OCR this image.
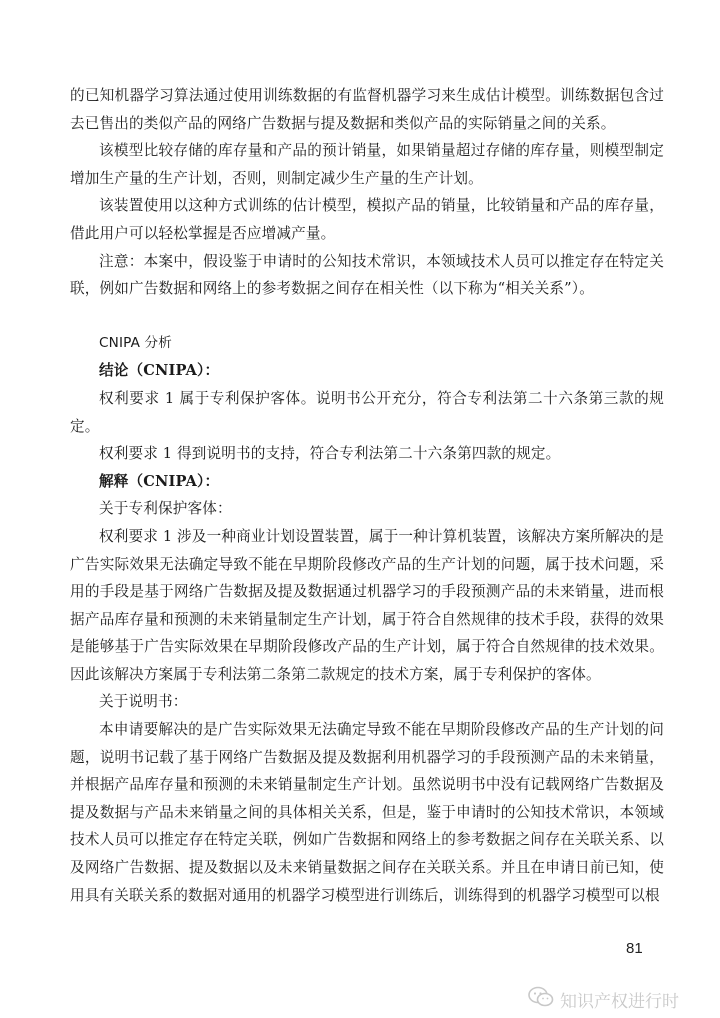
的已知机器学习算法通过使用训练数据的有监督机器学习来生成估计模型。训练数据包含过去已售出的类似产品的网络广告数据与提及数据和类似产品的实际销量之间的关系。

该模型比较存储的库存量和产品的预计销量，如果销量超过存储的库存量，则模型制定增加生产量的生产计划，否则，则制定减少生产量的生产计划。

该装置使用以这种方式训练的估计模型，模拟产品的销量，比较销量和产品的库存量，借此用户可以轻松掌握是否应增减产量。

注意：本案中，假设鉴于申请时的公知技术常识，本领域技术人员可以推定存在特定关联，例如广告数据和网络上的参考数据之间存在相关性（以下称为“相关关系”）。

CNIPA 分析

结论（CNIPA）：

权利要求 1 属于专利保护客体。说明书公开充分，符合专利法第二十六条第三款的规定。

权利要求 1 得到说明书的支持，符合专利法第二十六条第四款的规定。

解释（CNIPA）：

关于专利保护客体：

权利要求 1 涉及一种商业计划设置装置，属于一种计算机装置，该解决方案所解决的是广告实际效果无法确定导致不能在早期阶段修改产品的生产计划的问题，属于技术问题，采用的手段是基于网络广告数据及提及数据通过机器学习的手段预测产品的未来销量，进而根据产品库存量和预测的未来销量制定生产计划，属于符合自然规律的技术手段，获得的效果是能够基于广告实际效果在早期阶段修改产品的生产计划，属于符合自然规律的技术效果。因此该解决方案属于专利法第二条第二款规定的技术方案，属于专利保护的客体。

关于说明书：

本申请要解决的是广告实际效果无法确定导致不能在早期阶段修改产品的生产计划的问题，说明书记载了基于网络广告数据及提及数据利用机器学习的手段预测产品的未来销量，并根据产品库存量和预测的未来销量制定生产计划。虽然说明书中没有记载网络广告数据及提及数据与产品未来销量之间的具体相关关系，但是，鉴于申请时的公知技术常识，本领域技术人员可以推定存在特定关联，例如广告数据和网络上的参考数据之间存在关联关系、以及网络广告数据、提及数据以及未来销量数据之间存在关联关系。并且在申请日前已知，使用具有关联关系的数据对通用的机器学习模型进行训练后，训练得到的机器学习模型可以根

81
知识产权进行时
